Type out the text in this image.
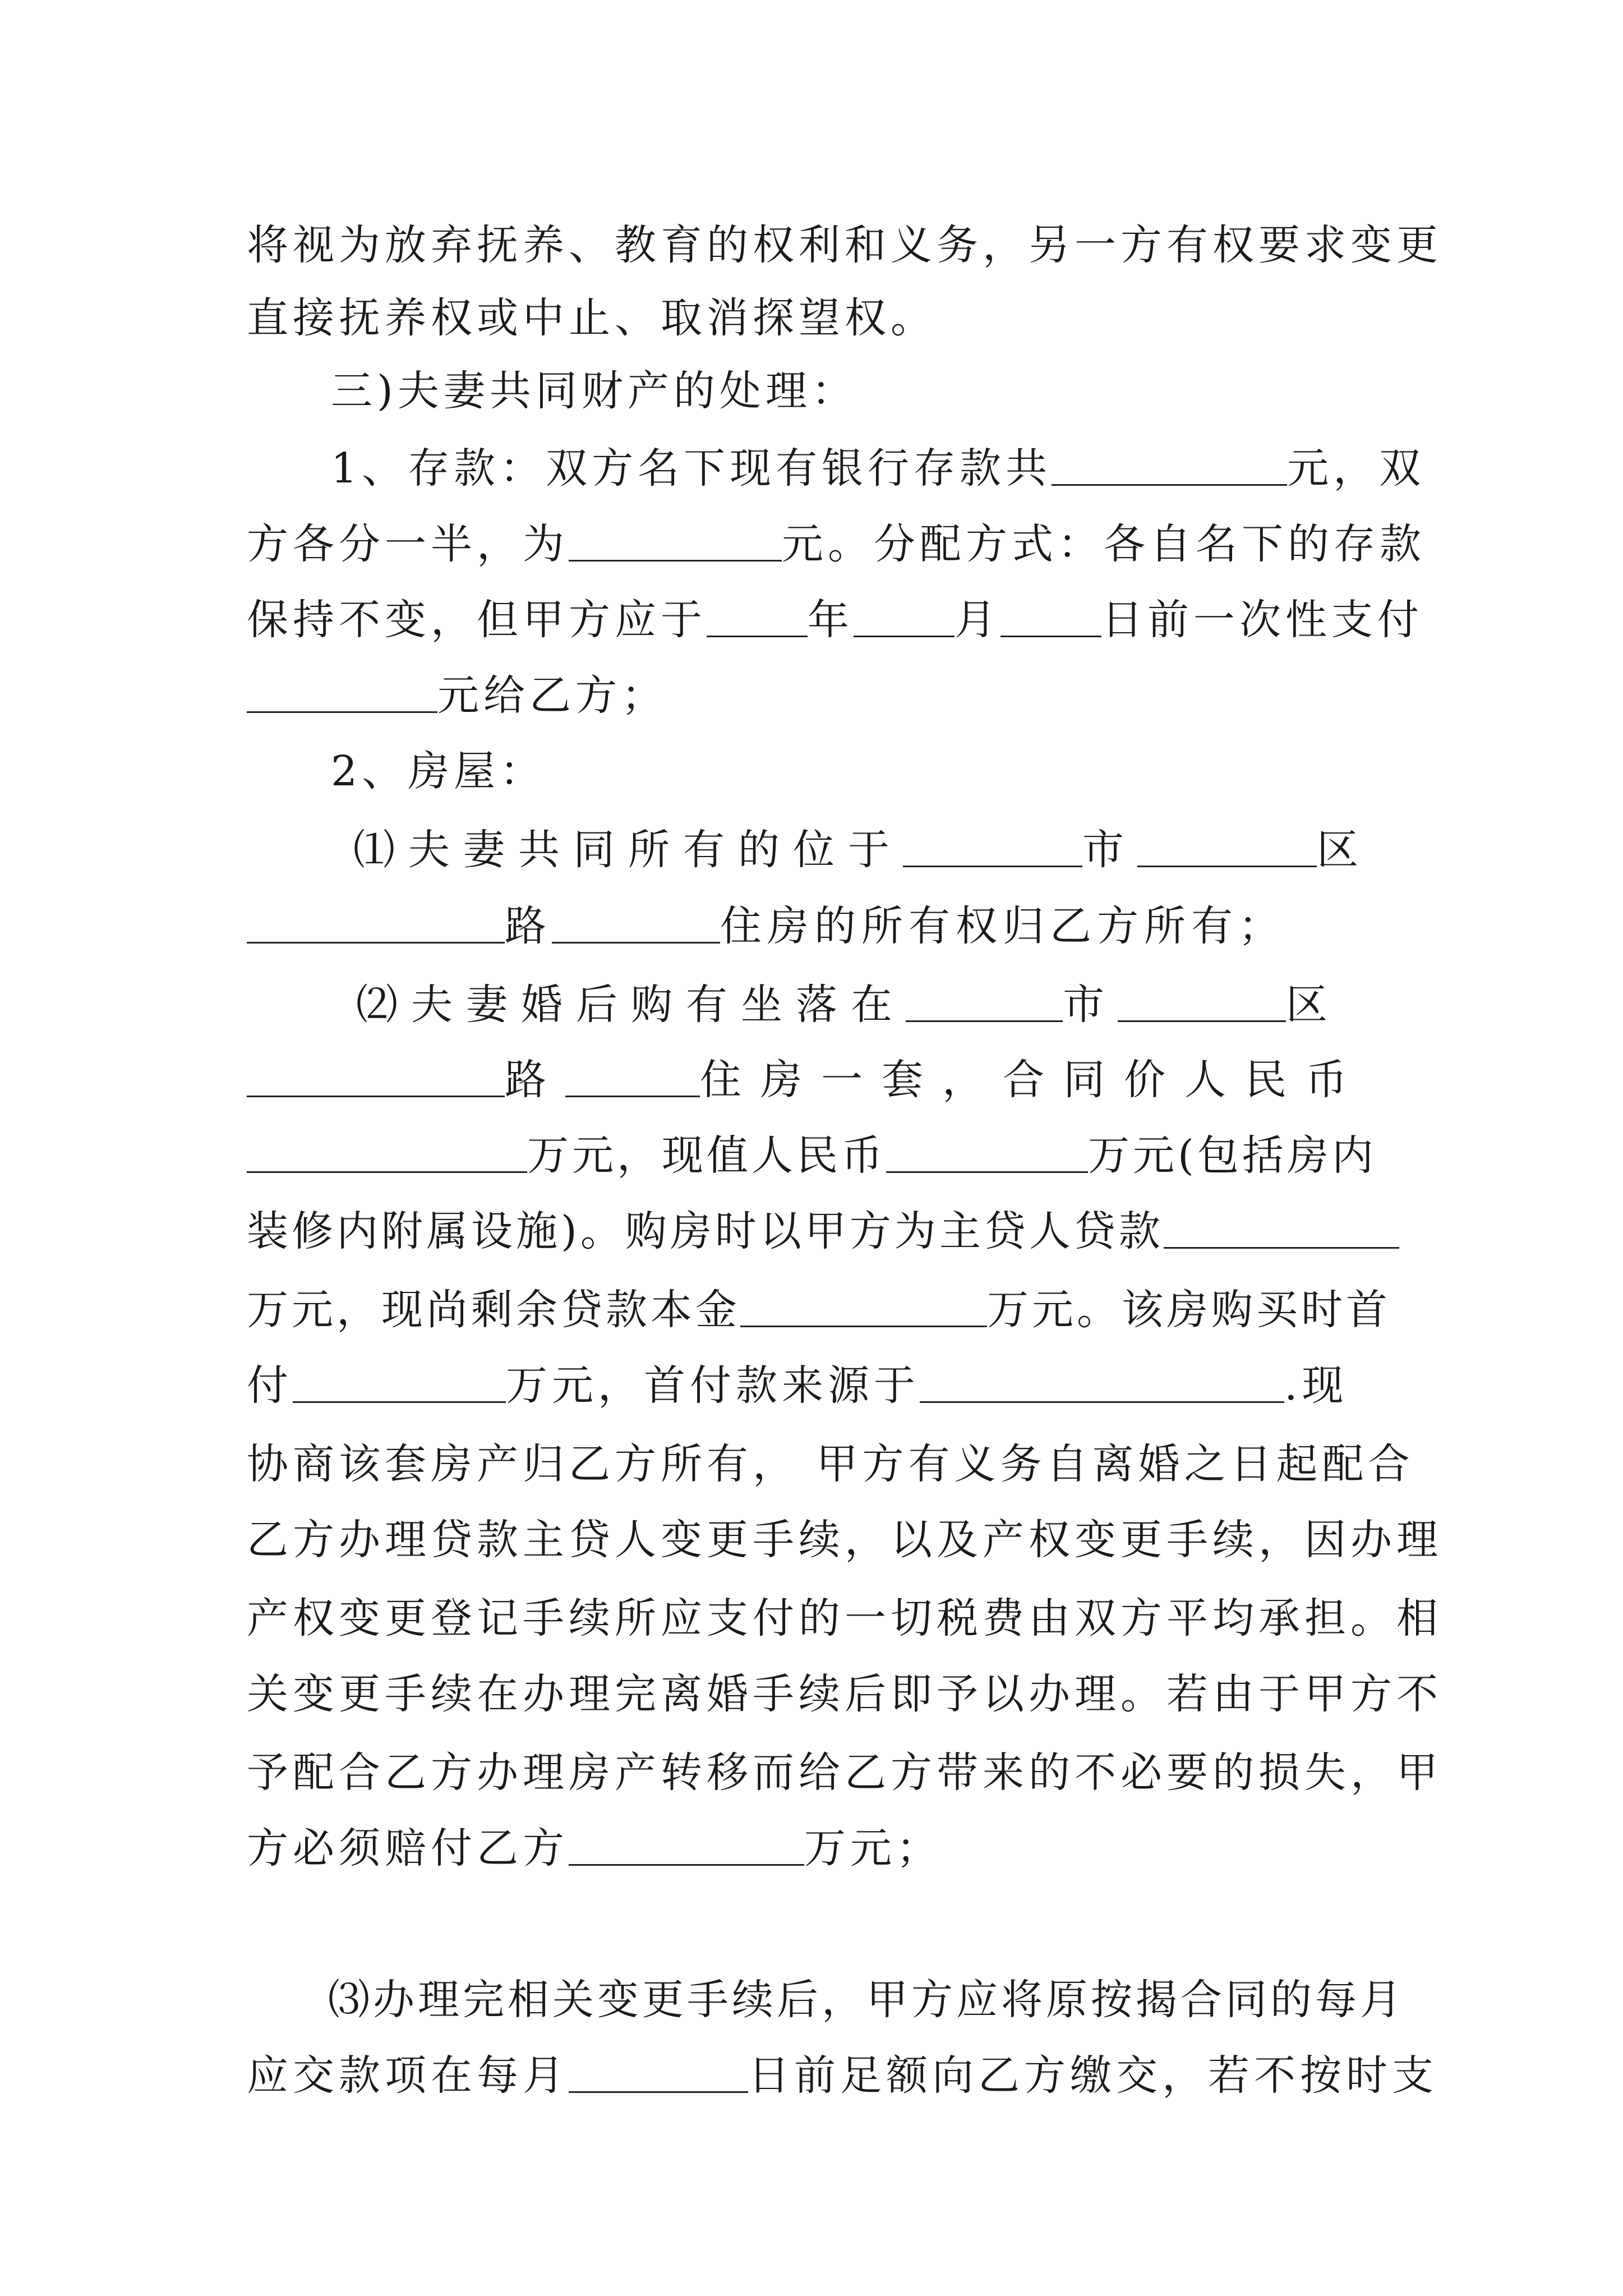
将视为放弃抚养、教育的权利和义务，另一方有权要求变更
直接抚养权或中止、取消探望权。
三)夫妻共同财产的处理：
1、存款：双方名下现有银行存款共	元，双
方各分一半，为	元。分配方式：各自名下的存款
保持不变，但甲方应于 年 月 日前一次性支付
元给乙方；
2、房屋：
⑴夫妻共同所有的位于	市	区
路	住房的所有权归乙方所有；
⑵夫妻婚后购有坐落在	市	区
路	住房一套，合同价人民币
万元，现值人民币	万元(包括房内
装修内附属设施)。购房时以甲方为主贷人贷款
万元，现尚剩余贷款本金	万元。该房购买时首
付	万元，首付款来源于	.现
协商该套房产归乙方所有， 甲方有义务自离婚之日起配合
乙方办理贷款主贷人变更手续，以及产权变更手续，因办理
产权变更登记手续所应支付的一切税费由双方平均承担。相
关变更手续在办理完离婚手续后即予以办理。若由于甲方不
予配合乙方办理房产转移而给乙方带来的不必要的损失，甲
方必须赔付乙方	万元；
⑶办理完相关变更手续后，甲方应将原按揭合同的每月
应交款项在每月	日前足额向乙方缴交，若不按时支
